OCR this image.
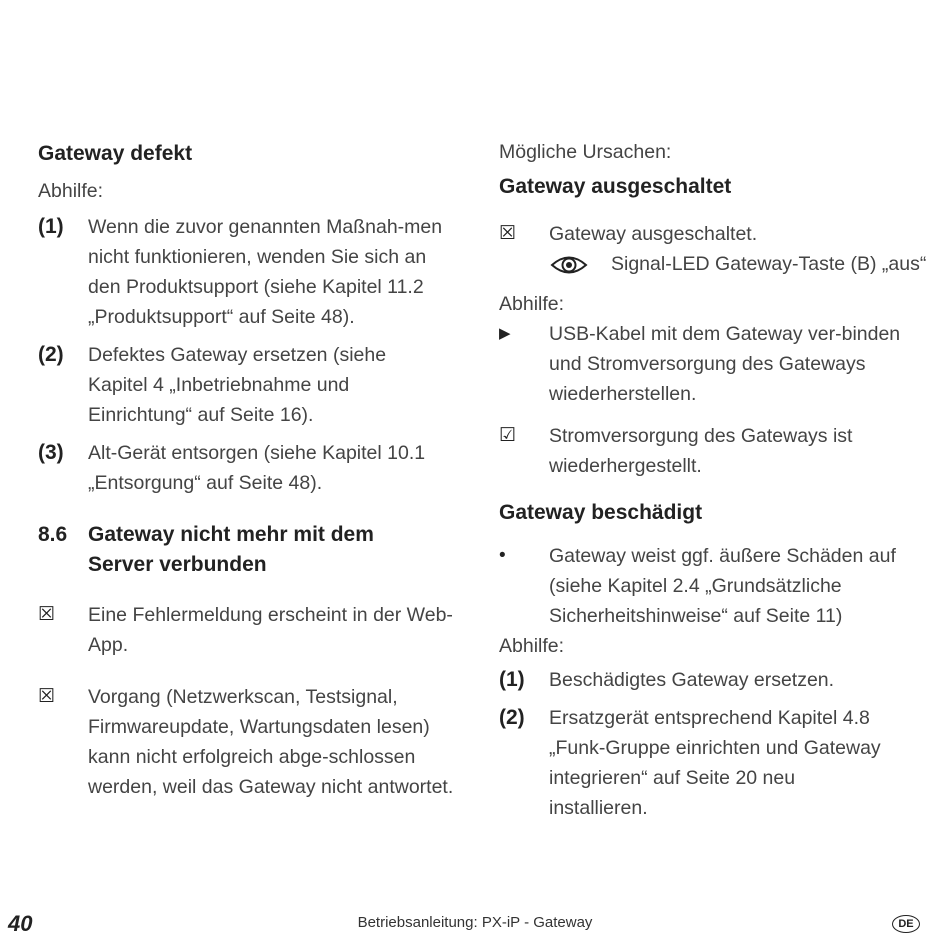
Gateway defekt

Abhilfe:

(1)	Wenn die zuvor genannten Maßnah-men nicht funktionieren, wenden Sie sich an den Produktsupport (siehe Kapitel 11.2 „Produktsupport“ auf Seite 48).
(2)	Defektes Gateway ersetzen (siehe Kapitel 4 „Inbetriebnahme und Einrichtung“ auf Seite 16).
(3)	Alt-Gerät entsorgen (siehe Kapitel 10.1 „Entsorgung“ auf Seite 48).
8.6 Gateway nicht mehr mit dem Server verbunden
☒	Eine Fehlermeldung erscheint in der Web-App.
☒	Vorgang (Netzwerkscan, Testsignal, Firmwareupdate, Wartungsdaten lesen) kann nicht erfolgreich abge-schlossen werden, weil das Gateway nicht antwortet.

Mögliche Ursachen:

Gateway ausgeschaltet

☒	Gateway ausgeschaltet.
Signal-LED Gateway-Taste (B) „aus“

Abhilfe:

▶	USB-Kabel mit dem Gateway ver-binden und Stromversorgung des Gateways wiederherstellen.
☑	Stromversorgung des Gateways ist wiederhergestellt.

Gateway beschädigt

•	Gateway weist ggf. äußere Schäden auf (siehe Kapitel 2.4 „Grundsätzliche Sicherheitshinweise“ auf Seite 11)

Abhilfe:

(1)	Beschädigtes Gateway ersetzen.
(2)	Ersatzgerät entsprechend Kapitel 4.8 „Funk-Gruppe einrichten und Gateway integrieren“ auf Seite 20 neu installieren.
40	Betriebsanleitung: PX-iP - Gateway	DE
